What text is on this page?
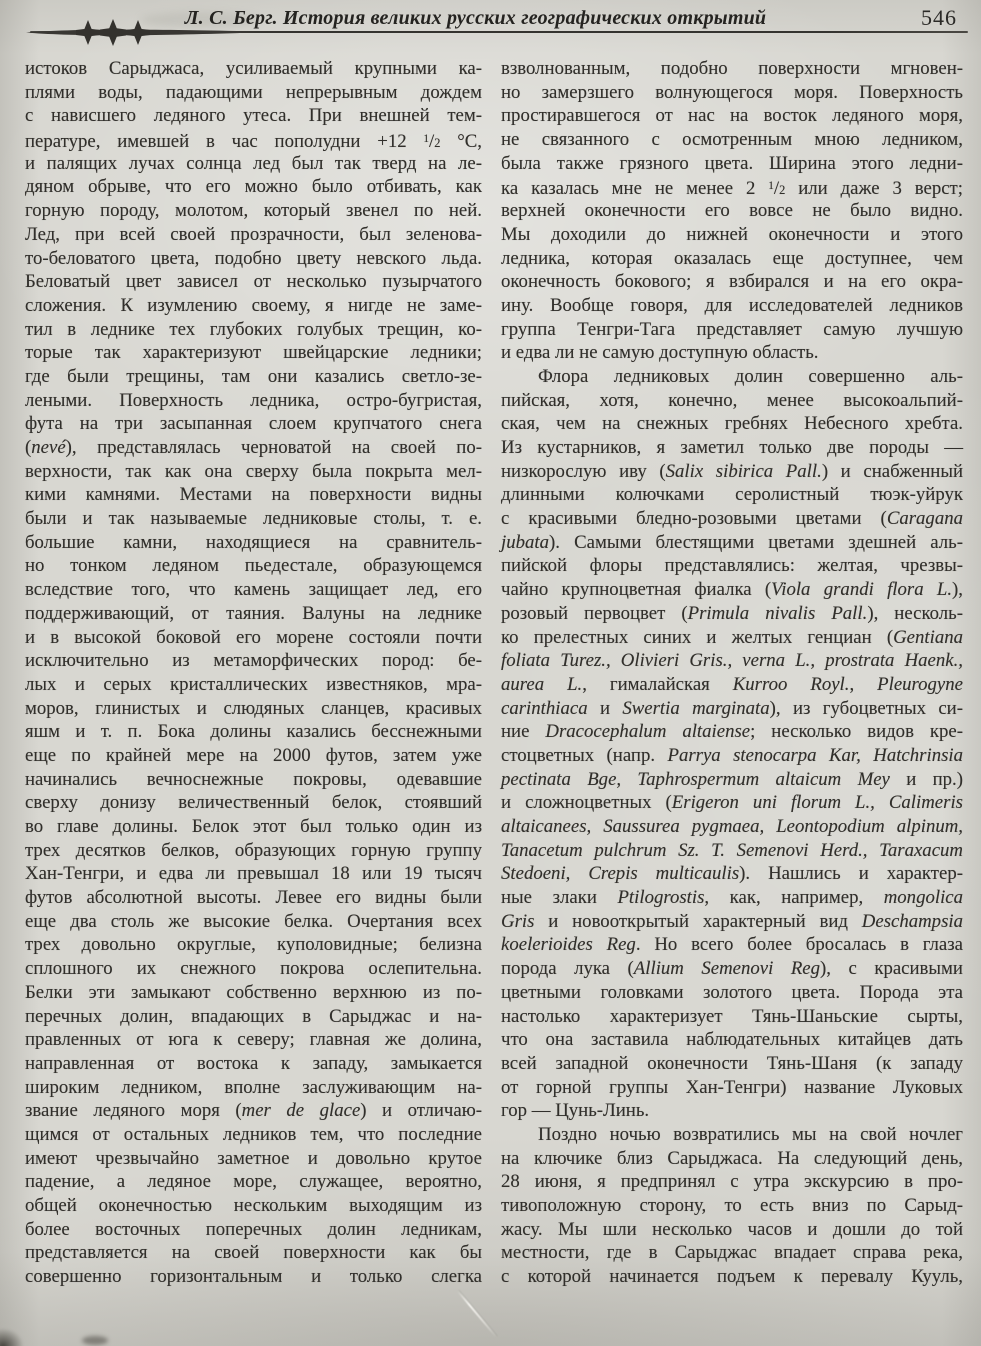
Л. С. Берг. История великих русских географических открытий	546
истоков Сарыджаса, усиливаемый крупными ка-
плями воды, падающими непрерывным дождем
с нависшего ледяного утеса. При внешней тем-
пературе, имевшей в час пополудни +12 $^1$/2 °С,
и палящих лучах солнца лед был так тверд на ле-
дяном обрыве, что его можно было отбивать, как
горную породу, молотом, который звенел по ней.
Лед, при всей своей прозрачности, был зеленова-
то-беловатого цвета, подобно цвету невского льда.
Беловатый цвет зависел от несколько пузырчатого
сложения. К изумлению своему, я нигде не заме-
тил в леднике тех глубоких голубых трещин, ко-
торые так характеризуют швейцарские ледники;
где были трещины, там они казались светло-зе-
леными. Поверхность ледника, остро-бугристая,
фута на три засыпанная слоем крупчатого снега
(nevé), представлялась черноватой на своей по-
верхности, так как она сверху была покрыта мел-
кими камнями. Местами на поверхности видны
были и так называемые ледниковые столы, т. е.
большие камни, находящиеся на сравнитель-
но тонком ледяном пьедестале, образующемся
вследствие того, что камень защищает лед, его
поддерживающий, от таяния. Валуны на леднике
и в высокой боковой его морене состояли почти
исключительно из метаморфических пород: бе-
лых и серых кристаллических известняков, мра-
моров, глинистых и слюдяных сланцев, красивых
яшм и т. п. Бока долины казались бесснежными
еще по крайней мере на 2000 футов, затем уже
начинались вечноснежные покровы, одевавшие
сверху донизу величественный белок, стоявший
во главе долины. Белок этот был только один из
трех десятков белков, образующих горную группу
Хан-Тенгри, и едва ли превышал 18 или 19 тысяч
футов абсолютной высоты. Левее его видны были
еще два столь же высокие белка. Очертания всех
трех довольно округлые, куполовидные; белизна
сплошного их снежного покрова ослепительна.
Белки эти замыкают собственно верхнюю из по-
перечных долин, впадающих в Сарыджас и на-
правленных от юга к северу; главная же долина,
направленная от востока к западу, замыкается
широким ледником, вполне заслуживающим на-
звание ледяного моря (mer de glace) и отличаю-
щимся от остальных ледников тем, что последние
имеют чрезвычайно заметное и довольно крутое
падение, а ледяное море, служащее, вероятно,
общей оконечностью нескольким выходящим из
более восточных поперечных долин ледникам,
представляется на своей поверхности как бы
совершенно горизонтальным и только слегка
взволнованным, подобно поверхности мгновен-
но замерзшего волнующегося моря. Поверхность
простиравшегося от нас на восток ледяного моря,
не связанного с осмотренным мною ледником,
была также грязного цвета. Ширина этого ледни-
ка казалась мне не менее 2 $^1$/2 или даже 3 верст;
верхней оконечности его вовсе не было видно.
Мы доходили до нижней оконечности и этого
ледника, которая оказалась еще доступнее, чем
оконечность бокового; я взбирался и на его окра-
ину. Вообще говоря, для исследователей ледников
группа Тенгри-Тага представляет самую лучшую
и едва ли не самую доступную область.
Флора ледниковых долин совершенно аль-
пийская, хотя, конечно, менее высокоальпий-
ская, чем на снежных гребнях Небесного хребта.
Из кустарников, я заметил только две породы —
низкорослую иву (Salix sibirica Pall.) и снабженный
длинными колючками серолистный тюэк-уйрук
с красивыми бледно-розовыми цветами (Caragana
jubata). Самыми блестящими цветами здешней аль-
пийской флоры представлялись: желтая, чрезвы-
чайно крупноцветная фиалка (Viola grandi flora L.),
розовый первоцвет (Primula nivalis Pall.), несколь-
ко прелестных синих и желтых генциан (Gentiana
foliata Turez., Olivieri Gris., verna L., prostrata Haenk.,
aurea L., гималайская Kurroo Royl., Pleurogyne
carinthiaca и Swertia marginata), из губоцветных си-
ние Dracocephalum altaiense; несколько видов кре-
стоцветных (напр. Parrya stenocarpa Kar, Hatchrinsia
pectinata Bge, Taphrospermum altaicum Mey и пр.)
и сложноцветных (Erigeron uni florum L., Calimeris
altaicanees, Saussurea pygmaea, Leontopodium alpinum,
Tanacetum pulchrum Sz. T. Semenovi Herd., Taraxacum
Stedoeni, Crepis multicaulis). Нашлись и характер-
ные злаки Ptilogrostis, как, например, mongolica
Gris и новооткрытый характерный вид Deschampsia
koelerioides Reg. Но всего более бросалась в глаза
порода лука (Allium Semenovi Reg), с красивыми
цветными головками золотого цвета. Порода эта
настолько характеризует Тянь-Шаньские сырты,
что она заставила наблюдательных китайцев дать
всей западной оконечности Тянь-Шаня (к западу
от горной группы Хан-Тенгри) название Луковых
гор — Цунь-Линь.
Поздно ночью возвратились мы на свой ночлег
на ключике близ Сарыджаса. На следующий день,
28 июня, я предпринял с утра экскурсию в про-
тивоположную сторону, то есть вниз по Сарыд-
жасу. Мы шли несколько часов и дошли до той
местности, где в Сарыджас впадает справа река,
с которой начинается подъем к перевалу Кууль,
